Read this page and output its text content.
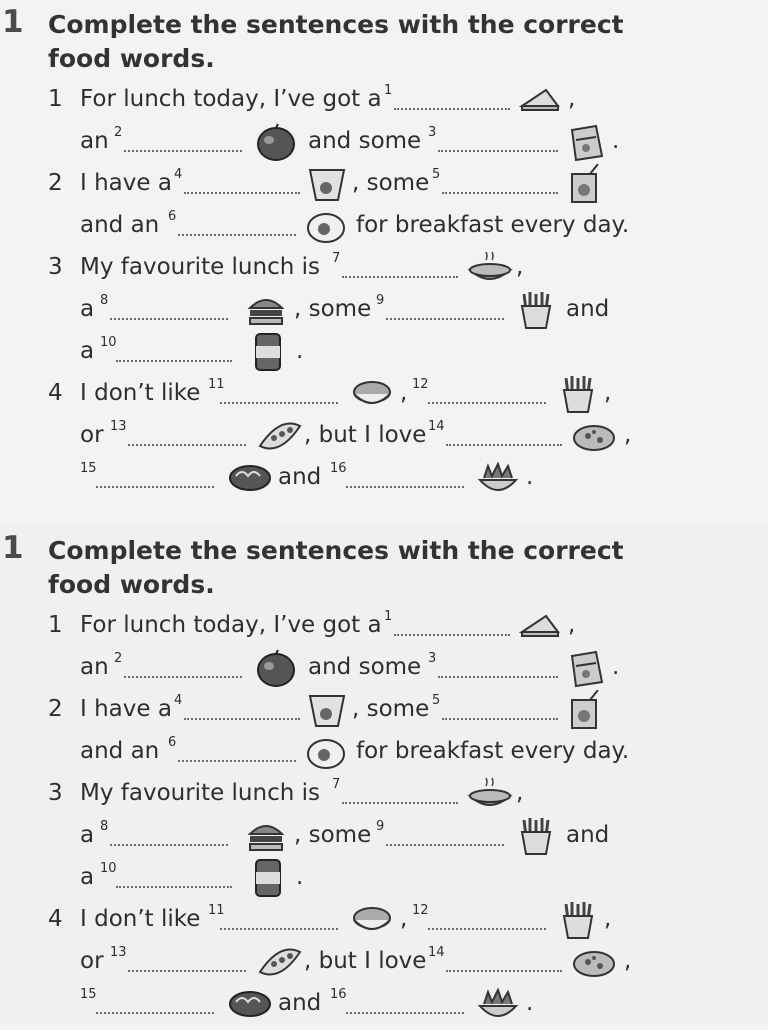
1 Complete the sentences with the correct food words.
1 For lunch today, I’ve got a 1	,
an 2	and some 3	.
2 I have a 4	, some 5
and an 6	for breakfast every day.
3 My favourite lunch is 7	,
a 8	, some 9	and
a 10	.
4 I don’t like 11	, 12	,
or 13	, but I love 14	,
15	and 16	.
1 Complete the sentences with the correct food words.
1 For lunch today, I’ve got a 1	,
an 2	and some 3	.
2 I have a 4	, some 5
and an 6	for breakfast every day.
3 My favourite lunch is 7	,
a 8	, some 9	and
a 10	.
4 I don’t like 11	, 12	,
or 13	, but I love 14	,
15	and 16	.
